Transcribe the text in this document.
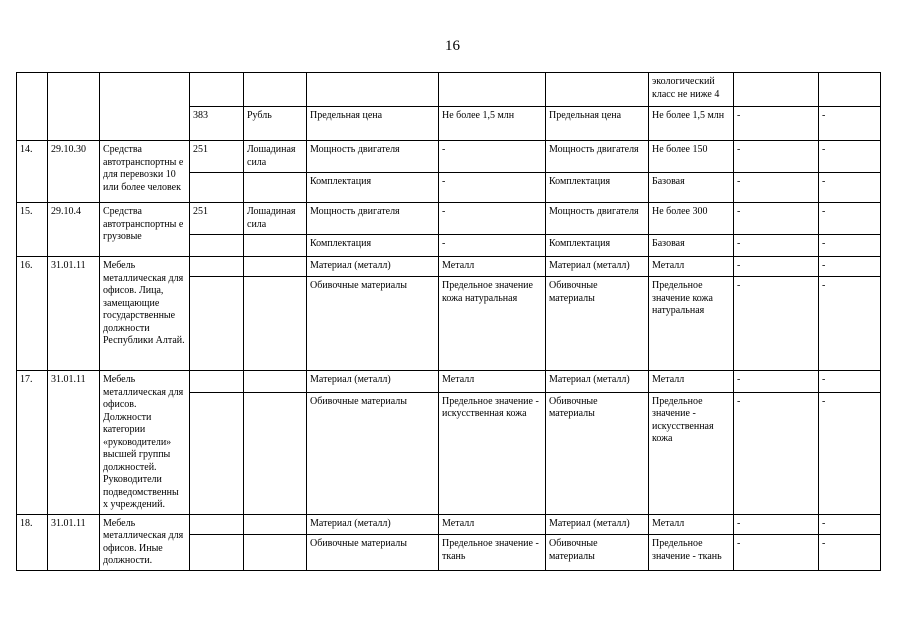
16
								экологический класс не ниже 4		
			383	Рубль	Предельная цена	Не более 1,5 млн	Предельная цена	Не более 1,5 млн	-	-
14.	29.10.30	Средства автотранспортны е для перевозки 10 или более человек	251	Лошадиная сила	Мощность двигателя	-	Мощность двигателя	Не более 150	-	-
					Комплектация	-	Комплектация	Базовая	-	-
15.	29.10.4	Средства автотранспортны е грузовые	251	Лошадиная сила	Мощность двигателя	-	Мощность двигателя	Не более 300	-	-
					Комплектация	-	Комплектация	Базовая	-	-
16.	31.01.11	Мебель металлическая для офисов. Лица, замещающие государственные должности Республики Алтай.			Материал (металл)	Металл	Материал (металл)	Металл	-	-
					Обивочные материалы	Предельное значение кожа натуральная	Обивочные материалы	Предельное значение кожа натуральная	-	-
17.	31.01.11	Мебель металлическая для офисов. Должности категории «руководители» высшей группы должностей. Руководители подведомственны х учреждений.			Материал (металл)	Металл	Материал (металл)	Металл	-	-
					Обивочные материалы	Предельное значение - искусственная кожа	Обивочные материалы	Предельное значение - искусственная кожа	-	-
18.	31.01.11	Мебель металлическая для офисов. Иные должности.			Материал (металл)	Металл	Материал (металл)	Металл	-	-
					Обивочные материалы	Предельное значение - ткань	Обивочные материалы	Предельное значение - ткань	-	-
